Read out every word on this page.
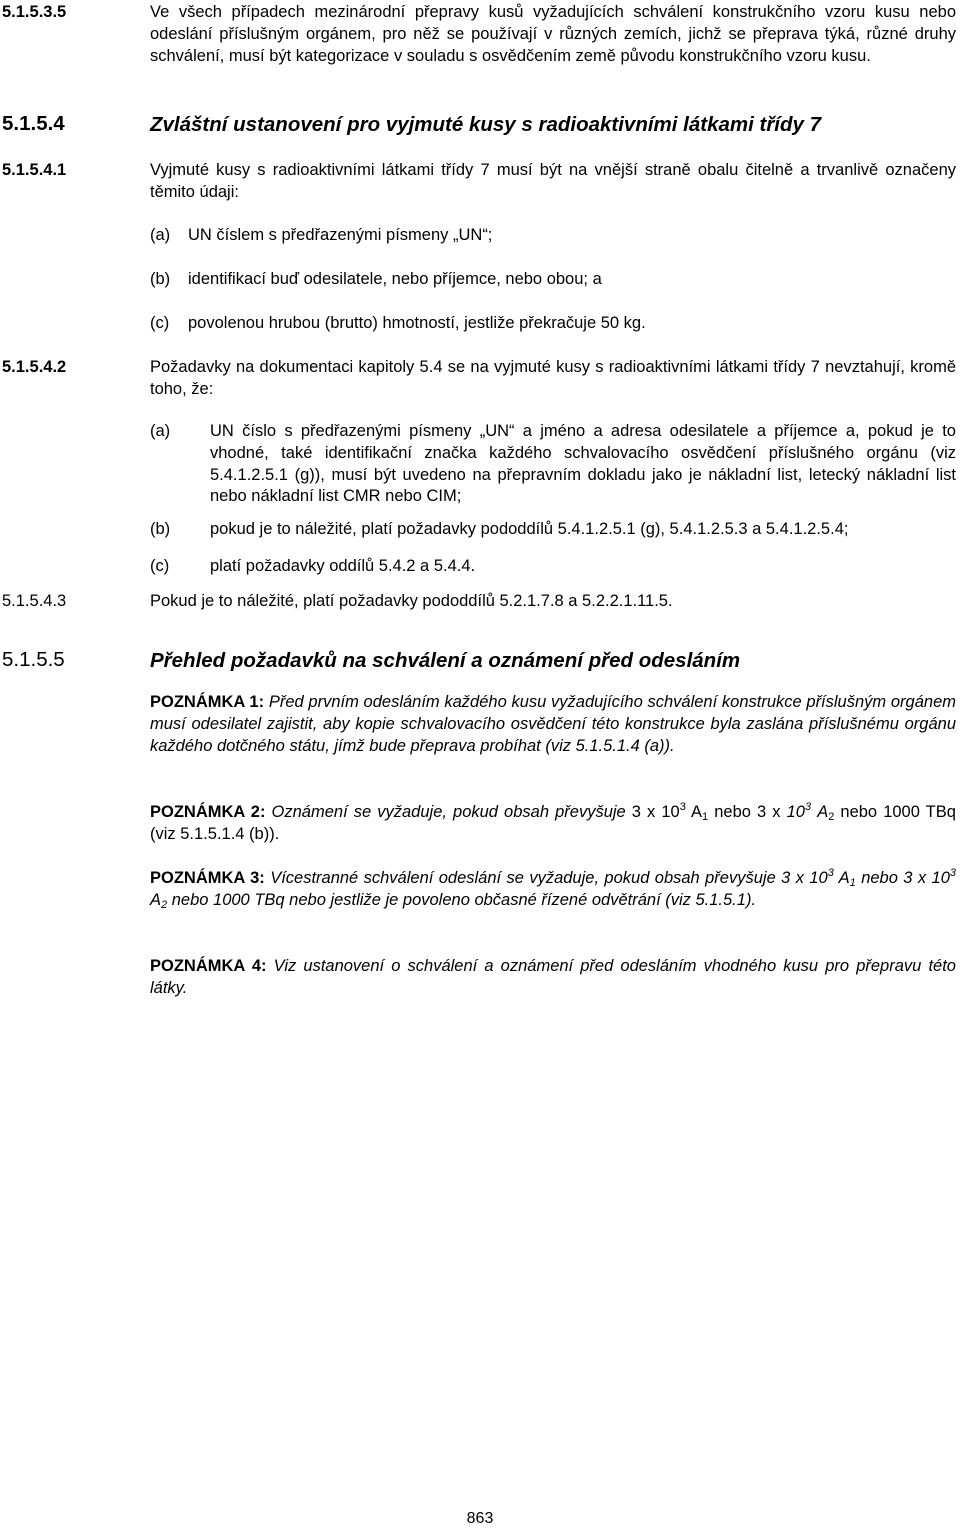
5.1.5.3.5	Ve všech případech mezinárodní přepravy kusů vyžadujících schválení konstrukčního vzoru kusu nebo odeslání příslušným orgánem, pro něž se používají v různých zemích, jichž se přeprava týká, různé druhy schválení, musí být kategorizace v souladu s osvědčením země původu konstrukčního vzoru kusu.
5.1.5.4	Zvláštní ustanovení pro vyjmuté kusy s radioaktivními látkami třídy 7
5.1.5.4.1	Vyjmuté kusy s radioaktivními látkami třídy 7 musí být na vnější straně obalu čitelně a trvanlivě označeny těmito údaji:
(a) UN číslem s předřazenými písmeny „UN“;
(b) identifikací buď odesilatele, nebo příjemce, nebo obou; a
(c) povolenou hrubou (brutto) hmotností, jestliže překračuje 50 kg.
5.1.5.4.2	Požadavky na dokumentaci kapitoly 5.4 se na vyjmuté kusy s radioaktivními látkami třídy 7 nevztahují, kromě toho, že:
(a) UN číslo s předřazenými písmeny „UN“ a jméno a adresa odesilatele a příjemce a, pokud je to vhodné, také identifikační značka každého schvalovacího osvědčení příslušného orgánu (viz 5.4.1.2.5.1 (g)), musí být uvedeno na přepravním dokladu jako je nákladní list, letecký nákladní list nebo nákladní list CMR nebo CIM;
(b) pokud je to náležité, platí požadavky pododdílů 5.4.1.2.5.1 (g), 5.4.1.2.5.3 a 5.4.1.2.5.4;
(c) platí požadavky oddílů 5.4.2 a 5.4.4.
5.1.5.4.3	Pokud je to náležité, platí požadavky pododdílů 5.2.1.7.8 a 5.2.2.1.11.5.
5.1.5.5	Přehled požadavků na schválení a oznámení před odesláním
POZNÁMKA 1: Před prvním odesláním každého kusu vyžadujícího schválení konstrukce příslušným orgánem musí odesilatel zajistit, aby kopie schvalovacího osvědčení této konstrukce byla zaslána příslušnému orgánu každého dotčného státu, jímž bude přeprava probíhat (viz 5.1.5.1.4 (a)).
POZNÁMKA 2: Oznámení se vyžaduje, pokud obsah převyšuje 3 x $10^3$ $A_1$ nebo 3 x $10^3$ $A_2$ nebo 1000 TBq (viz 5.1.5.1.4 (b)).
POZNÁMKA 3: Vícestranné schválení odeslání se vyžaduje, pokud obsah převyšuje 3 x $10^3$ $A_1$ nebo 3 x $10^3$ $A_2$ nebo 1000 TBq nebo jestliže je povoleno občasné řízené odvětrání (viz 5.1.5.1).
POZNÁMKA 4: Viz ustanovení o schválení a oznámení před odesláním vhodného kusu pro přepravu této látky.
863
